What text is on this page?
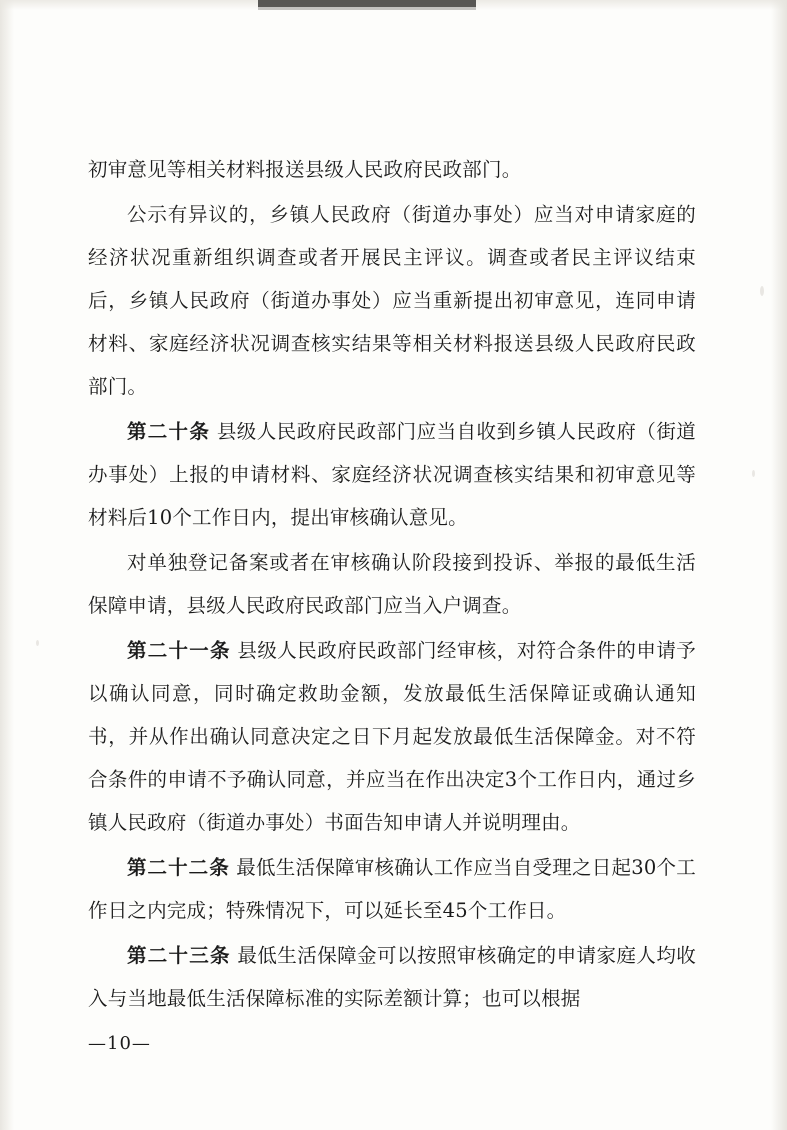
初审意见等相关材料报送县级人民政府民政部门。

公示有异议的，乡镇人民政府（街道办事处）应当对申请家庭的经济状况重新组织调查或者开展民主评议。调查或者民主评议结束后，乡镇人民政府（街道办事处）应当重新提出初审意见，连同申请材料、家庭经济状况调查核实结果等相关材料报送县级人民政府民政部门。

第二十条 县级人民政府民政部门应当自收到乡镇人民政府（街道办事处）上报的申请材料、家庭经济状况调查核实结果和初审意见等材料后10个工作日内，提出审核确认意见。

对单独登记备案或者在审核确认阶段接到投诉、举报的最低生活保障申请，县级人民政府民政部门应当入户调查。

第二十一条 县级人民政府民政部门经审核，对符合条件的申请予以确认同意，同时确定救助金额，发放最低生活保障证或确认通知书，并从作出确认同意决定之日下月起发放最低生活保障金。对不符合条件的申请不予确认同意，并应当在作出决定3个工作日内，通过乡镇人民政府（街道办事处）书面告知申请人并说明理由。

第二十二条 最低生活保障审核确认工作应当自受理之日起30个工作日之内完成；特殊情况下，可以延长至45个工作日。

第二十三条 最低生活保障金可以按照审核确定的申请家庭人均收入与当地最低生活保障标准的实际差额计算；也可以根据

—10—
